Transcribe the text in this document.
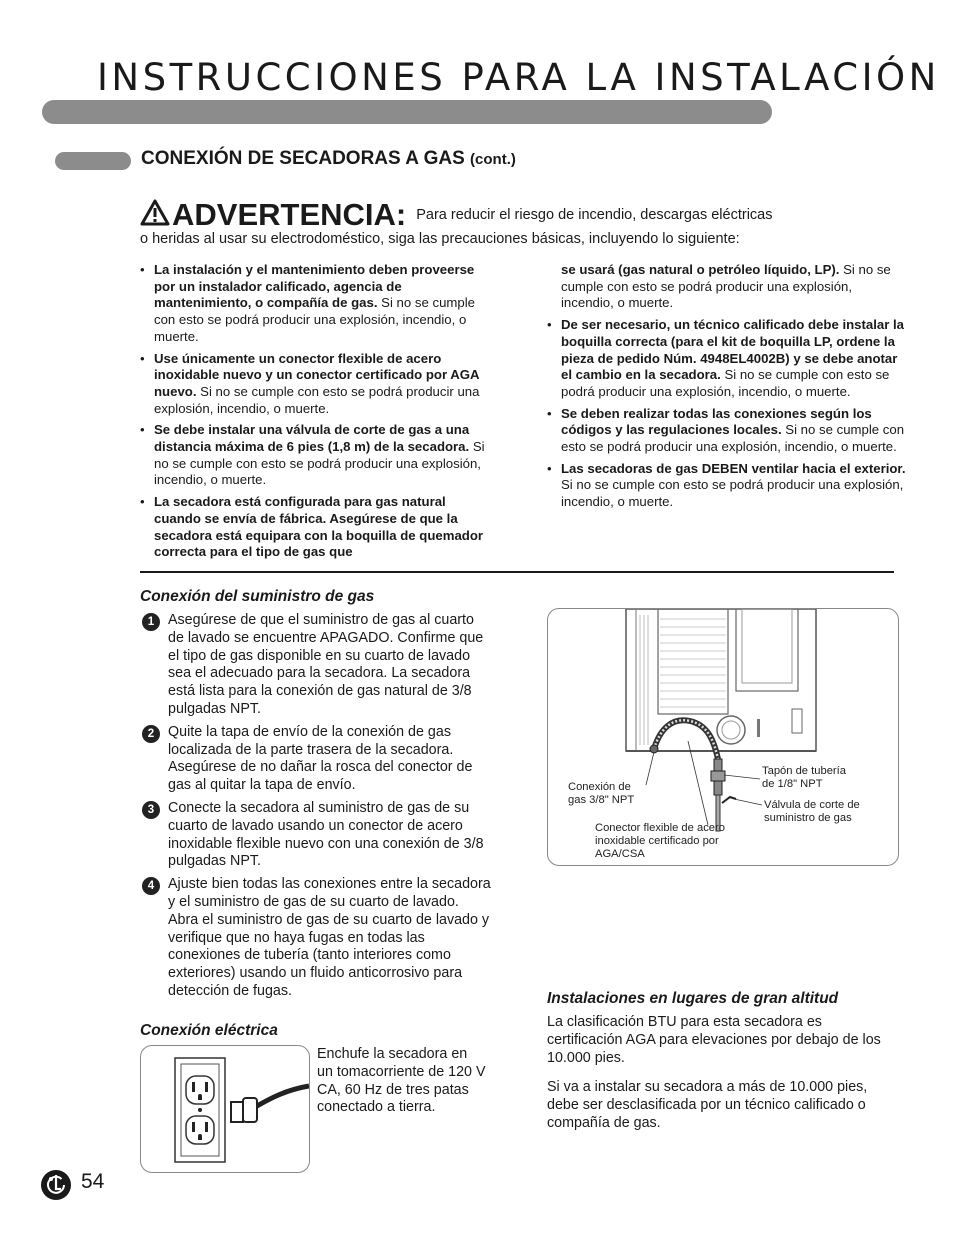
INSTRUCCIONES PARA LA INSTALACIÓN
CONEXIÓN DE SECADORAS A GAS (cont.)
ADVERTENCIA: Para reducir el riesgo de incendio, descargas eléctricas
o heridas al usar su electrodoméstico, siga las precauciones básicas, incluyendo lo siguiente:
• La instalación y el mantenimiento deben proveerse por un instalador calificado, agencia de mantenimiento, o compañía de gas. Si no se cumple con esto se podrá producir una explosión, incendio, o muerte.
• Use únicamente un conector flexible de acero inoxidable nuevo y un conector certificado por AGA nuevo. Si no se cumple con esto se podrá producir una explosión, incendio, o muerte.
• Se debe instalar una válvula de corte de gas a una distancia máxima de 6 pies (1,8 m) de la secadora. Si no se cumple con esto se podrá producir una explosión, incendio, o muerte.
• La secadora está configurada para gas natural cuando se envía de fábrica. Asegúrese de que la secadora está equipara con la boquilla de quemador correcta para el tipo de gas que

se usará (gas natural o petróleo líquido, LP). Si no se cumple con esto se podrá producir una explosión, incendio, o muerte.

• De ser necesario, un técnico calificado debe instalar la boquilla correcta (para el kit de boquilla LP, ordene la pieza de pedido Núm. 4948EL4002B) y se debe anotar el cambio en la secadora. Si no se cumple con esto se podrá producir una explosión, incendio, o muerte.
• Se deben realizar todas las conexiones según los códigos y las regulaciones locales. Si no se cumple con esto se podrá producir una explosión, incendio, o muerte.
• Las secadoras de gas DEBEN ventilar hacia el exterior. Si no se cumple con esto se podrá producir una explosión, incendio, o muerte.
Conexión del suministro de gas
1 Asegúrese de que el suministro de gas al cuarto de lavado se encuentre APAGADO. Confirme que el tipo de gas disponible en su cuarto de lavado sea el adecuado para la secadora. La secadora está lista para la conexión de gas natural de 3/8 pulgadas NPT.
2 Quite la tapa de envío de la conexión de gas localizada de la parte trasera de la secadora. Asegúrese de no dañar la rosca del conector de gas al quitar la tapa de envío.
3 Conecte la secadora al suministro de gas de su cuarto de lavado usando un conector de acero inoxidable flexible nuevo con una conexión de 3/8 pulgadas NPT.
4 Ajuste bien todas las conexiones entre la secadora y el suministro de gas de su cuarto de lavado. Abra el suministro de gas de su cuarto de lavado y verifique que no haya fugas en todas las conexiones de tubería (tanto interiores como exteriores) usando un fluido anticorrosivo para detección de fugas.
Conexión de
gas 3/8" NPT
Tapón de tubería
de 1/8" NPT
Válvula de corte de
suministro de gas
Conector flexible de acero
inoxidable certificado por
AGA/CSA
Conexión eléctrica
Enchufe la secadora en un tomacorriente de 120 V CA, 60 Hz de tres patas conectado a tierra.
Instalaciones en lugares de gran altitud

La clasificación BTU para esta secadora es certificación AGA para elevaciones por debajo de los 10.000 pies.

Si va a instalar su secadora a más de 10.000 pies, debe ser desclasificada por un técnico calificado o compañía de gas.

54
